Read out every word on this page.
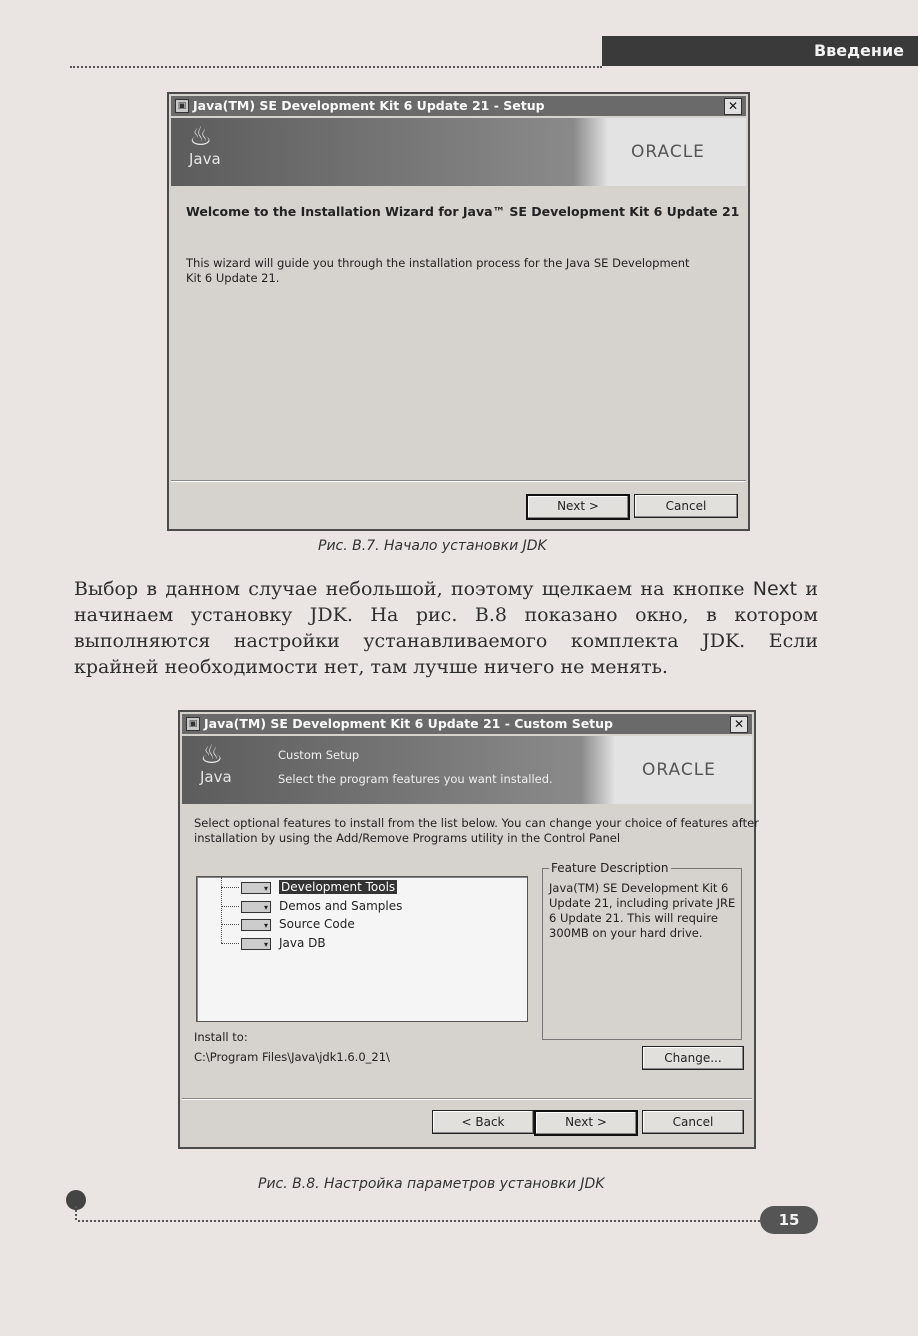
Введение
▣ Java(TM) SE Development Kit 6 Update 21 - Setup	✕
♨
Java	ORACLE
Welcome to the Installation Wizard for Java™ SE Development Kit 6 Update 21
This wizard will guide you through the installation process for the Java SE Development
Kit 6 Update 21.
Next >	Cancel
Рис. В.7. Начало установки JDK
Выбор в данном случае небольшой, поэтому щелкаем на кнопке Next и начинаем установку JDK. На рис. В.8 показано окно, в котором выполняются настройки устанавливаемого комплекта JDK. Если крайней необходимости нет, там лучше ничего не менять.
▣ Java(TM) SE Development Kit 6 Update 21 - Custom Setup	✕
♨
Java
Custom Setup
Select the program features you want installed.	ORACLE
Select optional features to install from the list below. You can change your choice of features after
installation by using the Add/Remove Programs utility in the Control Panel
▾ Development Tools
▾ Demos and Samples
▾ Source Code
▾ Java DB
Feature Description
Java(TM) SE Development Kit 6 Update 21, including private JRE 6 Update 21. This will require 300MB on your hard drive.
Install to:
C:\Program Files\Java\jdk1.6.0_21\	Change...
< Back	Next >	Cancel
Рис. В.8. Настройка параметров установки JDK
15
